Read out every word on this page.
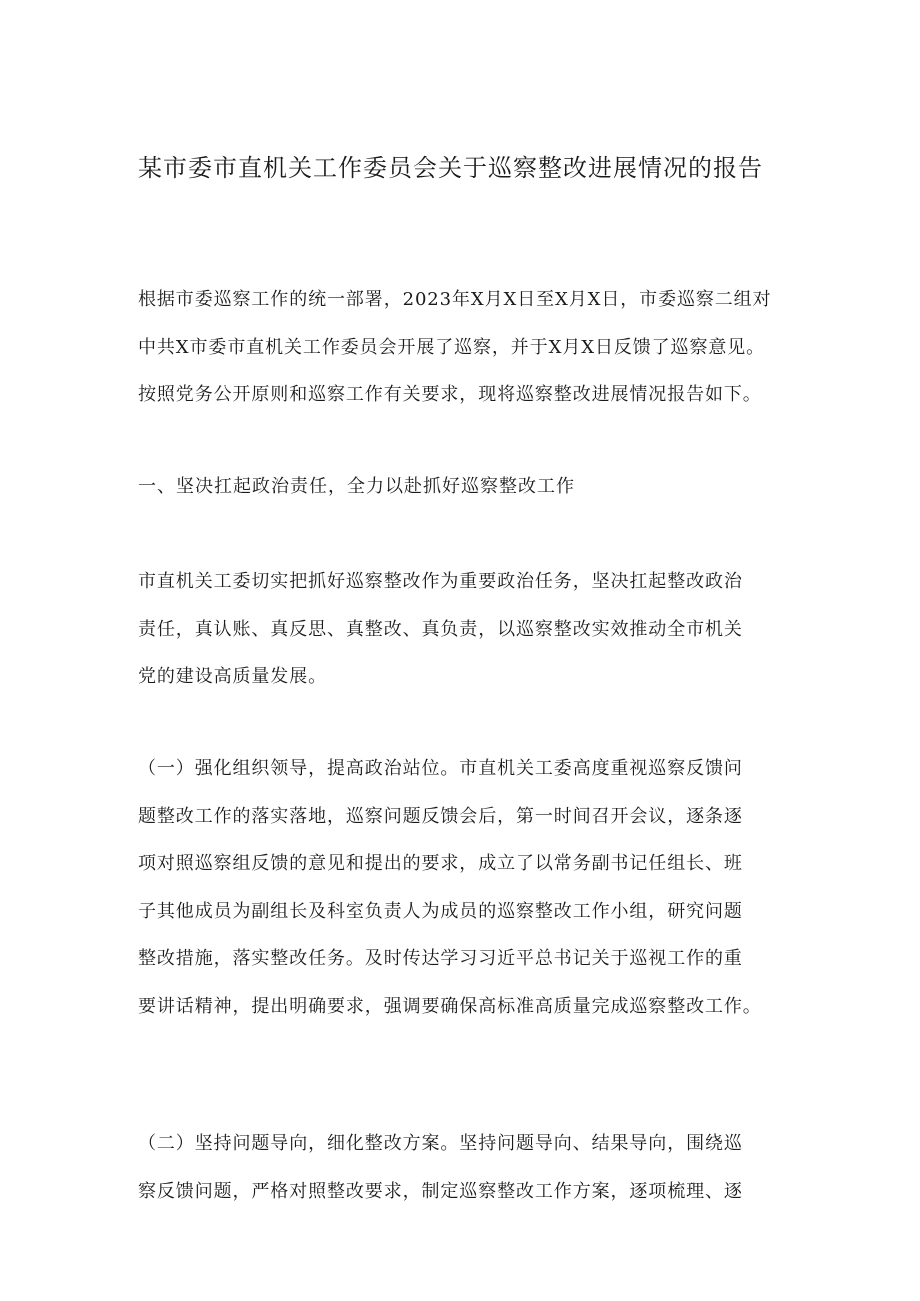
某市委市直机关工作委员会关于巡察整改进展情况的报告
根据市委巡察工作的统一部署，2023年X月X日至X月X日，市委巡察二组对
中共X市委市直机关工作委员会开展了巡察，并于X月X日反馈了巡察意见。
按照党务公开原则和巡察工作有关要求，现将巡察整改进展情况报告如下。
一、坚决扛起政治责任，全力以赴抓好巡察整改工作
市直机关工委切实把抓好巡察整改作为重要政治任务，坚决扛起整改政治
责任，真认账、真反思、真整改、真负责，以巡察整改实效推动全市机关
党的建设高质量发展。
（一）强化组织领导，提高政治站位。市直机关工委高度重视巡察反馈问
题整改工作的落实落地，巡察问题反馈会后，第一时间召开会议，逐条逐
项对照巡察组反馈的意见和提出的要求，成立了以常务副书记任组长、班
子其他成员为副组长及科室负责人为成员的巡察整改工作小组，研究问题
整改措施，落实整改任务。及时传达学习习近平总书记关于巡视工作的重
要讲话精神，提出明确要求，强调要确保高标准高质量完成巡察整改工作。
（二）坚持问题导向，细化整改方案。坚持问题导向、结果导向，围绕巡
察反馈问题，严格对照整改要求，制定巡察整改工作方案，逐项梳理、逐
